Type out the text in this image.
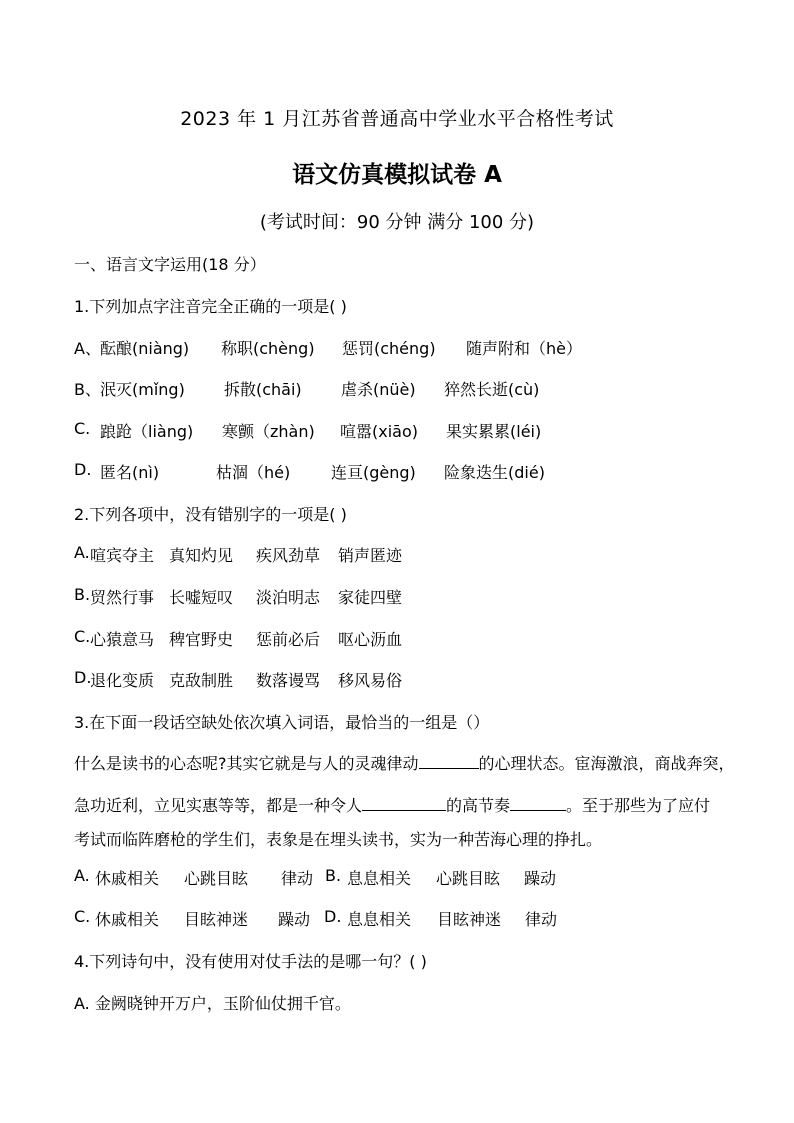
2023 年 1 月江苏省普通高中学业水平合格性考试
语文仿真模拟试卷 A
(考试时间：90 分钟 满分 100 分)
一、语言文字运用(18 分）
1.下列加点字注音完全正确的一项是( )
A、 酝酿(niàng) 称职(chèng) 惩罚(chéng) 随声附和（hè）
B、 泯灭(mǐng) 拆散(chāi) 虐杀(nüè) 猝然长逝(cù)
C. 踉跄（liàng) 寒颤（zhàn) 喧嚣(xiāo) 果实累累(léi)
D. 匿名(nì)	枯涸（hé)	连亘(gèng) 险象迭生(dié)
2.下列各项中，没有错别字的一项是( )
A. 喧宾夺主 真知灼见 疾风劲草 销声匿迹
B. 贸然行事 长嘘短叹 淡泊明志 家徒四壁
C. 心猿意马 稗官野史 惩前必后 呕心沥血
D.
退化变质 克敌制胜 数落谩骂 移风易俗
3.在下面一段话空缺处依次填入词语，最恰当的一组是（）
什么是读书的心态呢?其实它就是与人的灵魂律动	的心理状态。宦海激浪，商战奔突，
急功近利，立见实惠等等，都是一种令人	的高节奏	。至于那些为了应付
考试而临阵磨枪的学生们，表象是在埋头读书，实为一种苦海心理的挣扎。
A. 休戚相关 心跳目眩 律动 B. 息息相关 心跳目眩 躁动
C. 休戚相关 目眩神迷 躁动 D. 息息相关 目眩神迷 律动
4.下列诗句中，没有使用对仗手法的是哪一句？( )
A. 金阙晓钟开万户，玉阶仙仗拥千官。
